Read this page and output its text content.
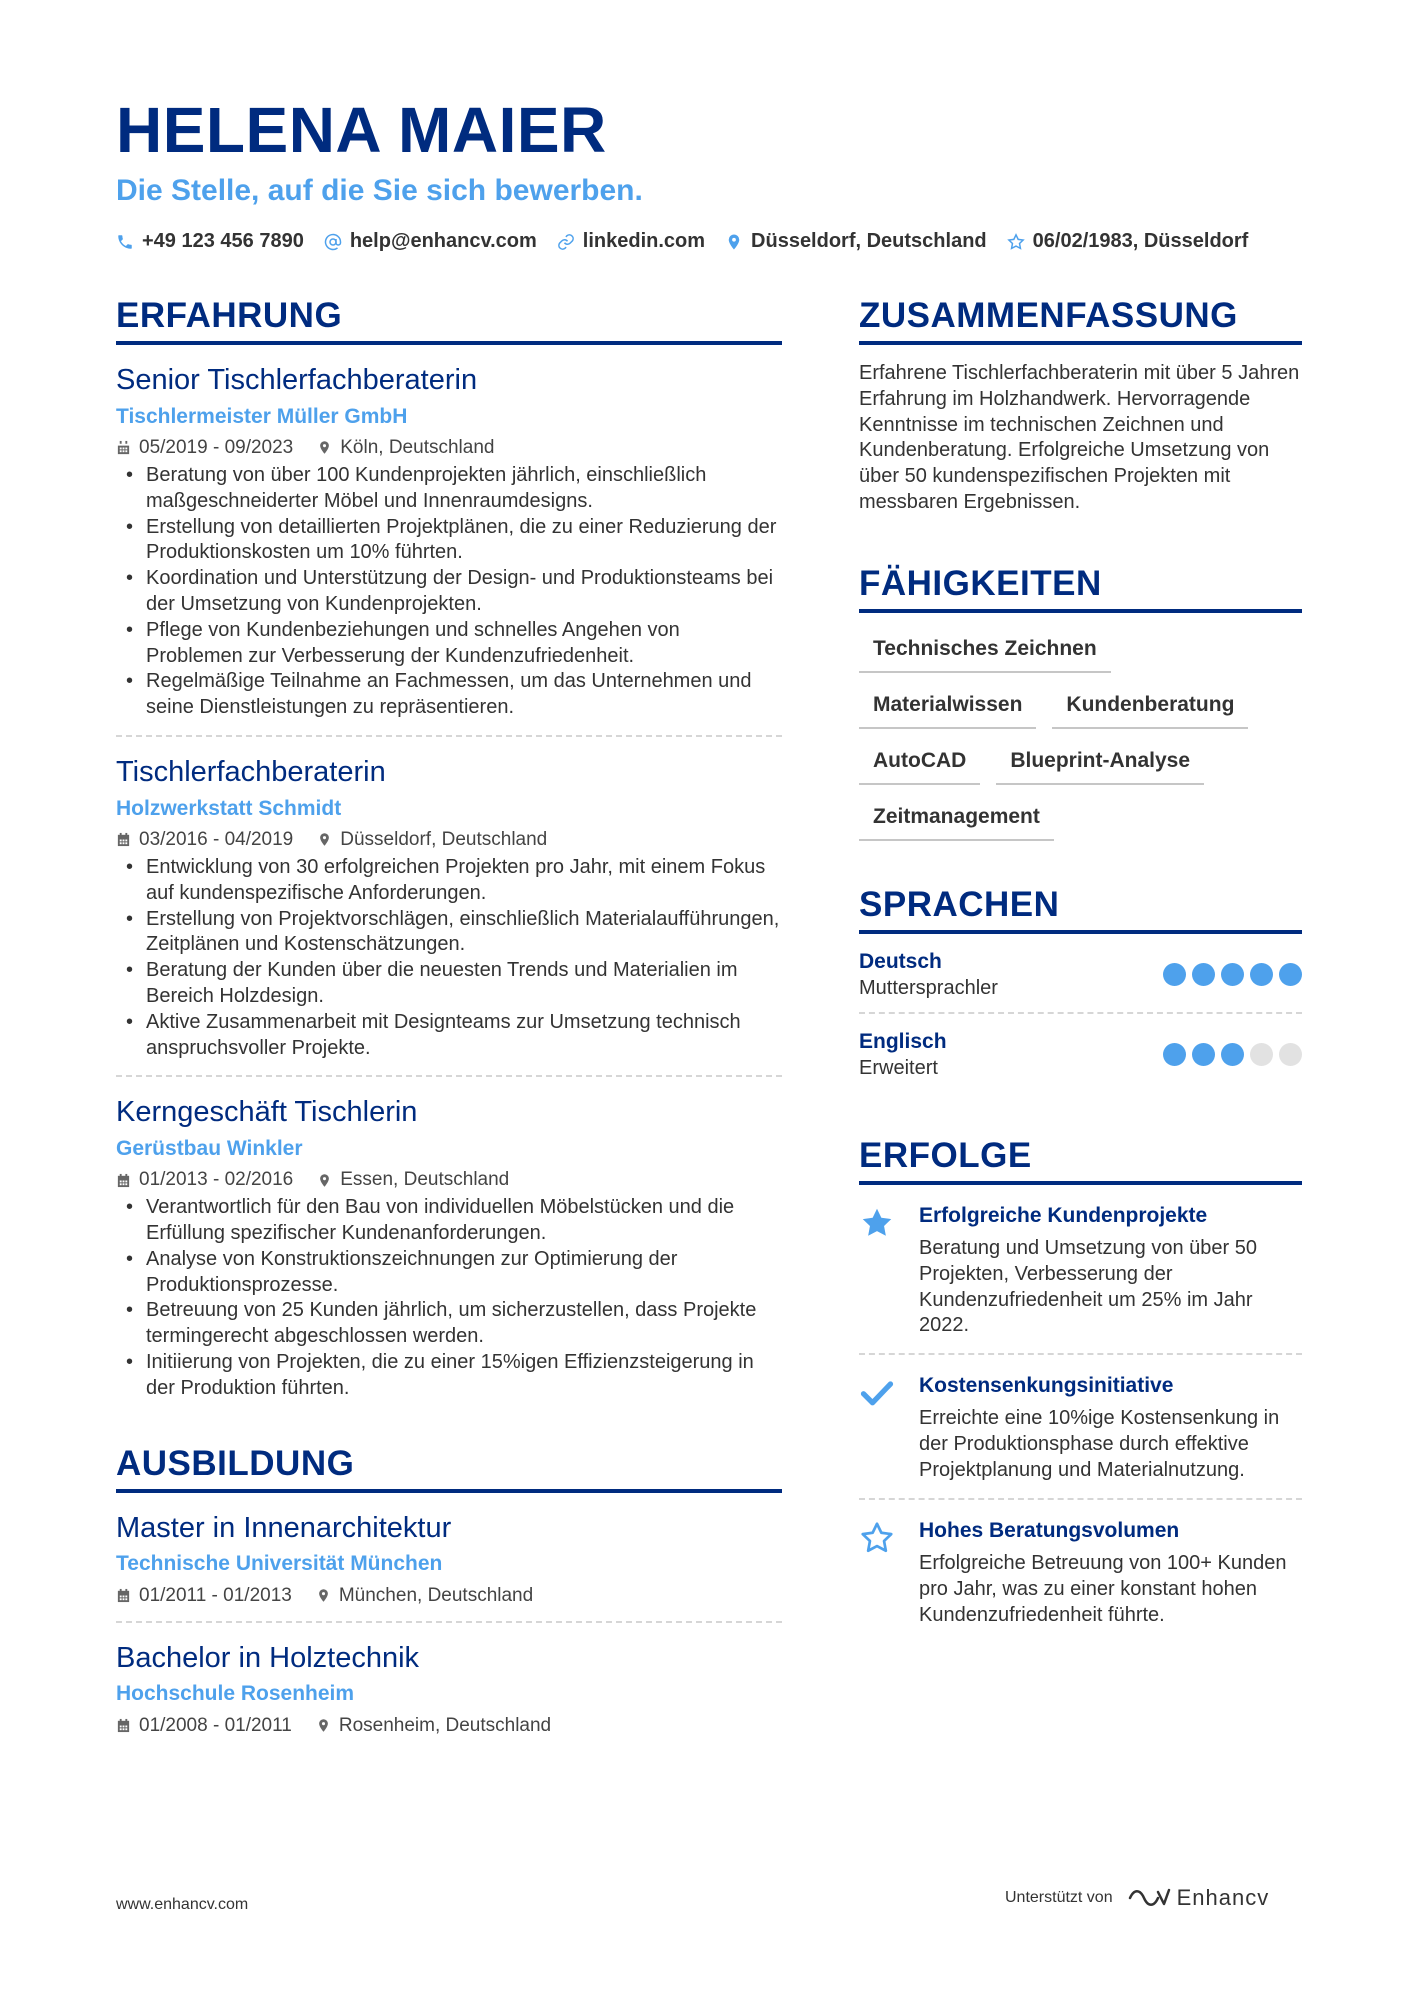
HELENA MAIER
Die Stelle, auf die Sie sich bewerben.
+49 123 456 7890 help@enhancv.com linkedin.com Düsseldorf, Deutschland 06/02/1983, Düsseldorf
ERFAHRUNG
Senior Tischlerfachberaterin
Tischlermeister Müller GmbH
05/2019 - 09/2023 Köln, Deutschland
• Beratung von über 100 Kundenprojekten jährlich, einschließlich maßgeschneiderter Möbel und Innenraumdesigns.
• Erstellung von detaillierten Projektplänen, die zu einer Reduzierung der Produktionskosten um 10% führten.
• Koordination und Unterstützung der Design- und Produktionsteams bei der Umsetzung von Kundenprojekten.
• Pflege von Kundenbeziehungen und schnelles Angehen von Problemen zur Verbesserung der Kundenzufriedenheit.
• Regelmäßige Teilnahme an Fachmessen, um das Unternehmen und seine Dienstleistungen zu repräsentieren.
Tischlerfachberaterin
Holzwerkstatt Schmidt
03/2016 - 04/2019 Düsseldorf, Deutschland
• Entwicklung von 30 erfolgreichen Projekten pro Jahr, mit einem Fokus auf kundenspezifische Anforderungen.
• Erstellung von Projektvorschlägen, einschließlich Materialaufführungen, Zeitplänen und Kostenschätzungen.
• Beratung der Kunden über die neuesten Trends und Materialien im Bereich Holzdesign.
• Aktive Zusammenarbeit mit Designteams zur Umsetzung technisch anspruchsvoller Projekte.
Kerngeschäft Tischlerin
Gerüstbau Winkler
01/2013 - 02/2016 Essen, Deutschland
• Verantwortlich für den Bau von individuellen Möbelstücken und die Erfüllung spezifischer Kundenanforderungen.
• Analyse von Konstruktionszeichnungen zur Optimierung der Produktionsprozesse.
• Betreuung von 25 Kunden jährlich, um sicherzustellen, dass Projekte termingerecht abgeschlossen werden.
• Initiierung von Projekten, die zu einer 15%igen Effizienzsteigerung in der Produktion führten.
AUSBILDUNG
Master in Innenarchitektur
Technische Universität München
01/2011 - 01/2013 München, Deutschland
Bachelor in Holztechnik
Hochschule Rosenheim
01/2008 - 01/2011 Rosenheim, Deutschland
ZUSAMMENFASSUNG
Erfahrene Tischlerfachberaterin mit über 5 Jahren Erfahrung im Holzhandwerk. Hervorragende Kenntnisse im technischen Zeichnen und Kundenberatung. Erfolgreiche Umsetzung von über 50 kundenspezifischen Projekten mit messbaren Ergebnissen.
FÄHIGKEITEN
Technisches Zeichnen
Materialwissen	Kundenberatung
AutoCAD	Blueprint-Analyse
Zeitmanagement
SPRACHEN
Deutsch
Muttersprachler
Englisch
Erweitert
ERFOLGE
Erfolgreiche Kundenprojekte
Beratung und Umsetzung von über 50 Projekten, Verbesserung der Kundenzufriedenheit um 25% im Jahr 2022.
Kostensenkungsinitiative
Erreichte eine 10%ige Kostensenkung in der Produktionsphase durch effektive Projektplanung und Materialnutzung.
Hohes Beratungsvolumen
Erfolgreiche Betreuung von 100+ Kunden pro Jahr, was zu einer konstant hohen Kundenzufriedenheit führte.
www.enhancv.com	Unterstützt von	Enhancv
